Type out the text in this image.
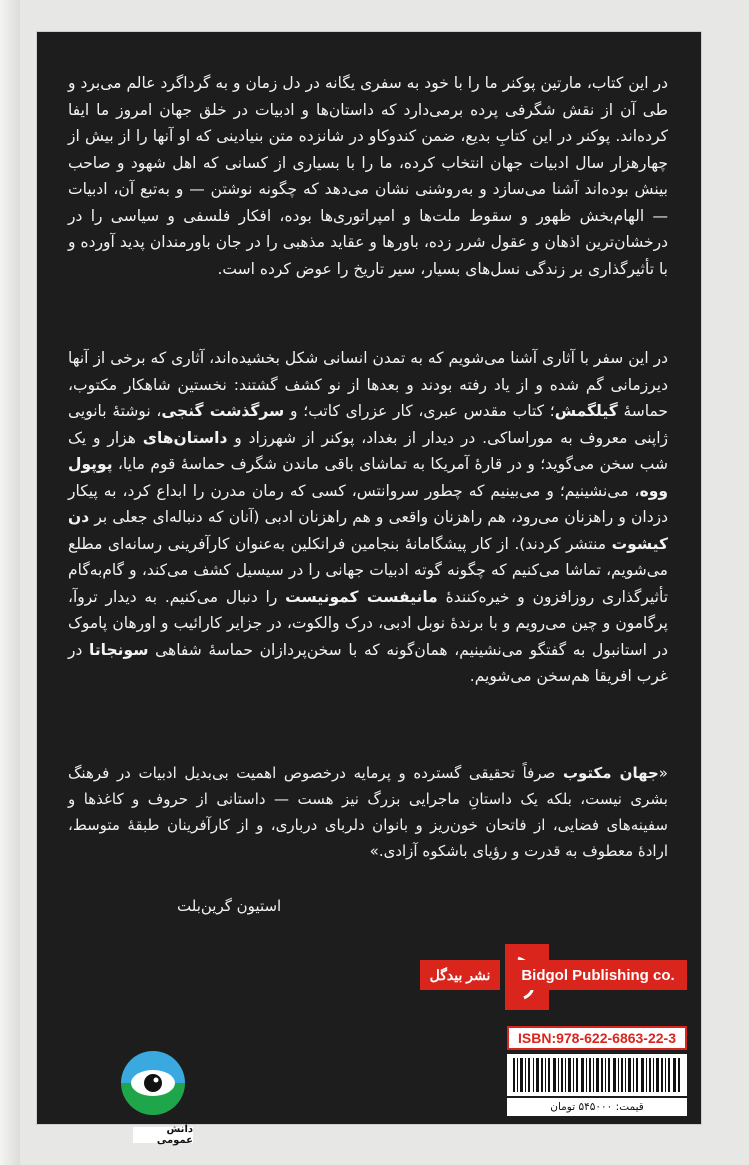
در این کتاب، مارتین پوکنر ما را با خود به سفری یگانه در دل زمان و به گرداگرد عالم می‌برد و طی آن از نقش شگرفی پرده برمی‌دارد که داستان‌ها و ادبیات در خلق جهان امروز ما ایفا کرده‌اند. پوکنر در این کتابِ بدیع، ضمن کندوکاو در شانزده متن بنیادینی که او آنها را از بیش از چهارهزار سال ادبیات جهان انتخاب کرده، ما را با بسیاری از کسانی که اهل شهود و صاحب بینش بوده‌اند آشنا می‌سازد و به‌روشنی نشان می‌دهد که چگونه نوشتن — و به‌تبع آن، ادبیات — الهام‌بخش ظهور و سقوط ملت‌ها و امپراتوری‌ها بوده، افکار فلسفی و سیاسی را در درخشان‌ترین اذهان و عقول شرر زده، باورها و عقاید مذهبی را در جان باورمندان پدید آورده و با تأثیرگذاری بر زندگی نسل‌های بسیار، سیر تاریخ را عوض کرده است.

در این سفر با آثاری آشنا می‌شویم که به تمدن انسانی شکل بخشیده‌اند، آثاری که برخی از آنها دیرزمانی گم شده و از یاد رفته بودند و بعدها از نو کشف گشتند: نخستین شاهکار مکتوب، حماسهٔ گیلگمش؛ کتاب مقدس عبری، کار عزرای کاتب؛ و سرگذشت گنجی، نوشتهٔ بانویی ژاپنی معروف به موراساکی. در دیدار از بغداد، پوکنر از شهرزاد و داستان‌های هزار و یک شب سخن می‌گوید؛ و در قارهٔ آمریکا به تماشای باقی ماندن شگرف حماسهٔ قوم مایا، پوپول ووه، می‌نشینیم؛ و می‌بینیم که چطور سروانتس، کسی که رمان مدرن را ابداع کرد، به پیکار دزدان و راهزنان می‌رود، هم راهزنان واقعی و هم راهزنان ادبی (آنان که دنباله‌ای جعلی بر دن کیشوت منتشر کردند). از کار پیشگامانهٔ بنجامین فرانکلین به‌عنوان کارآفرینی رسانه‌ای مطلع می‌شویم، تماشا می‌کنیم که چگونه گوته ادبیات جهانی را در سیسیل کشف می‌کند، و گام‌به‌گام تأثیرگذاری روزافزون و خیره‌کنندهٔ مانیفست کمونیست را دنبال می‌کنیم. به دیدار تروآ، پرگامون و چین می‌رویم و با برندهٔ نوبل ادبی، درک والکوت، در جزایر کارائیب و اورهان پاموک در استانبول به گفتگو می‌نشینیم، همان‌گونه که با سخن‌پردازان حماسهٔ شفاهی سونجاتا در غرب افریقا هم‌سخن می‌شویم.

«جهان مکتوب صرفاً تحقیقی گسترده و پرمایه درخصوص اهمیت بی‌بدیل ادبیات در فرهنگ بشری نیست، بلکه یک داستانِ ماجرایی بزرگ نیز هست — داستانی از حروف و کاغذها و سفینه‌های فضایی، از فاتحان خون‌ریز و بانوان دلربای درباری، و از کارآفرینان طبقهٔ متوسط، ارادهٔ معطوف به قدرت و رؤیای باشکوه آزادی.»

استیون گرین‌بلت
نشر بیدگل	Bidgol Publishing co.
ISBN:978-622-6863-22-3
قیمت: ۵۴۵۰۰۰ تومان
دانش عمومی
